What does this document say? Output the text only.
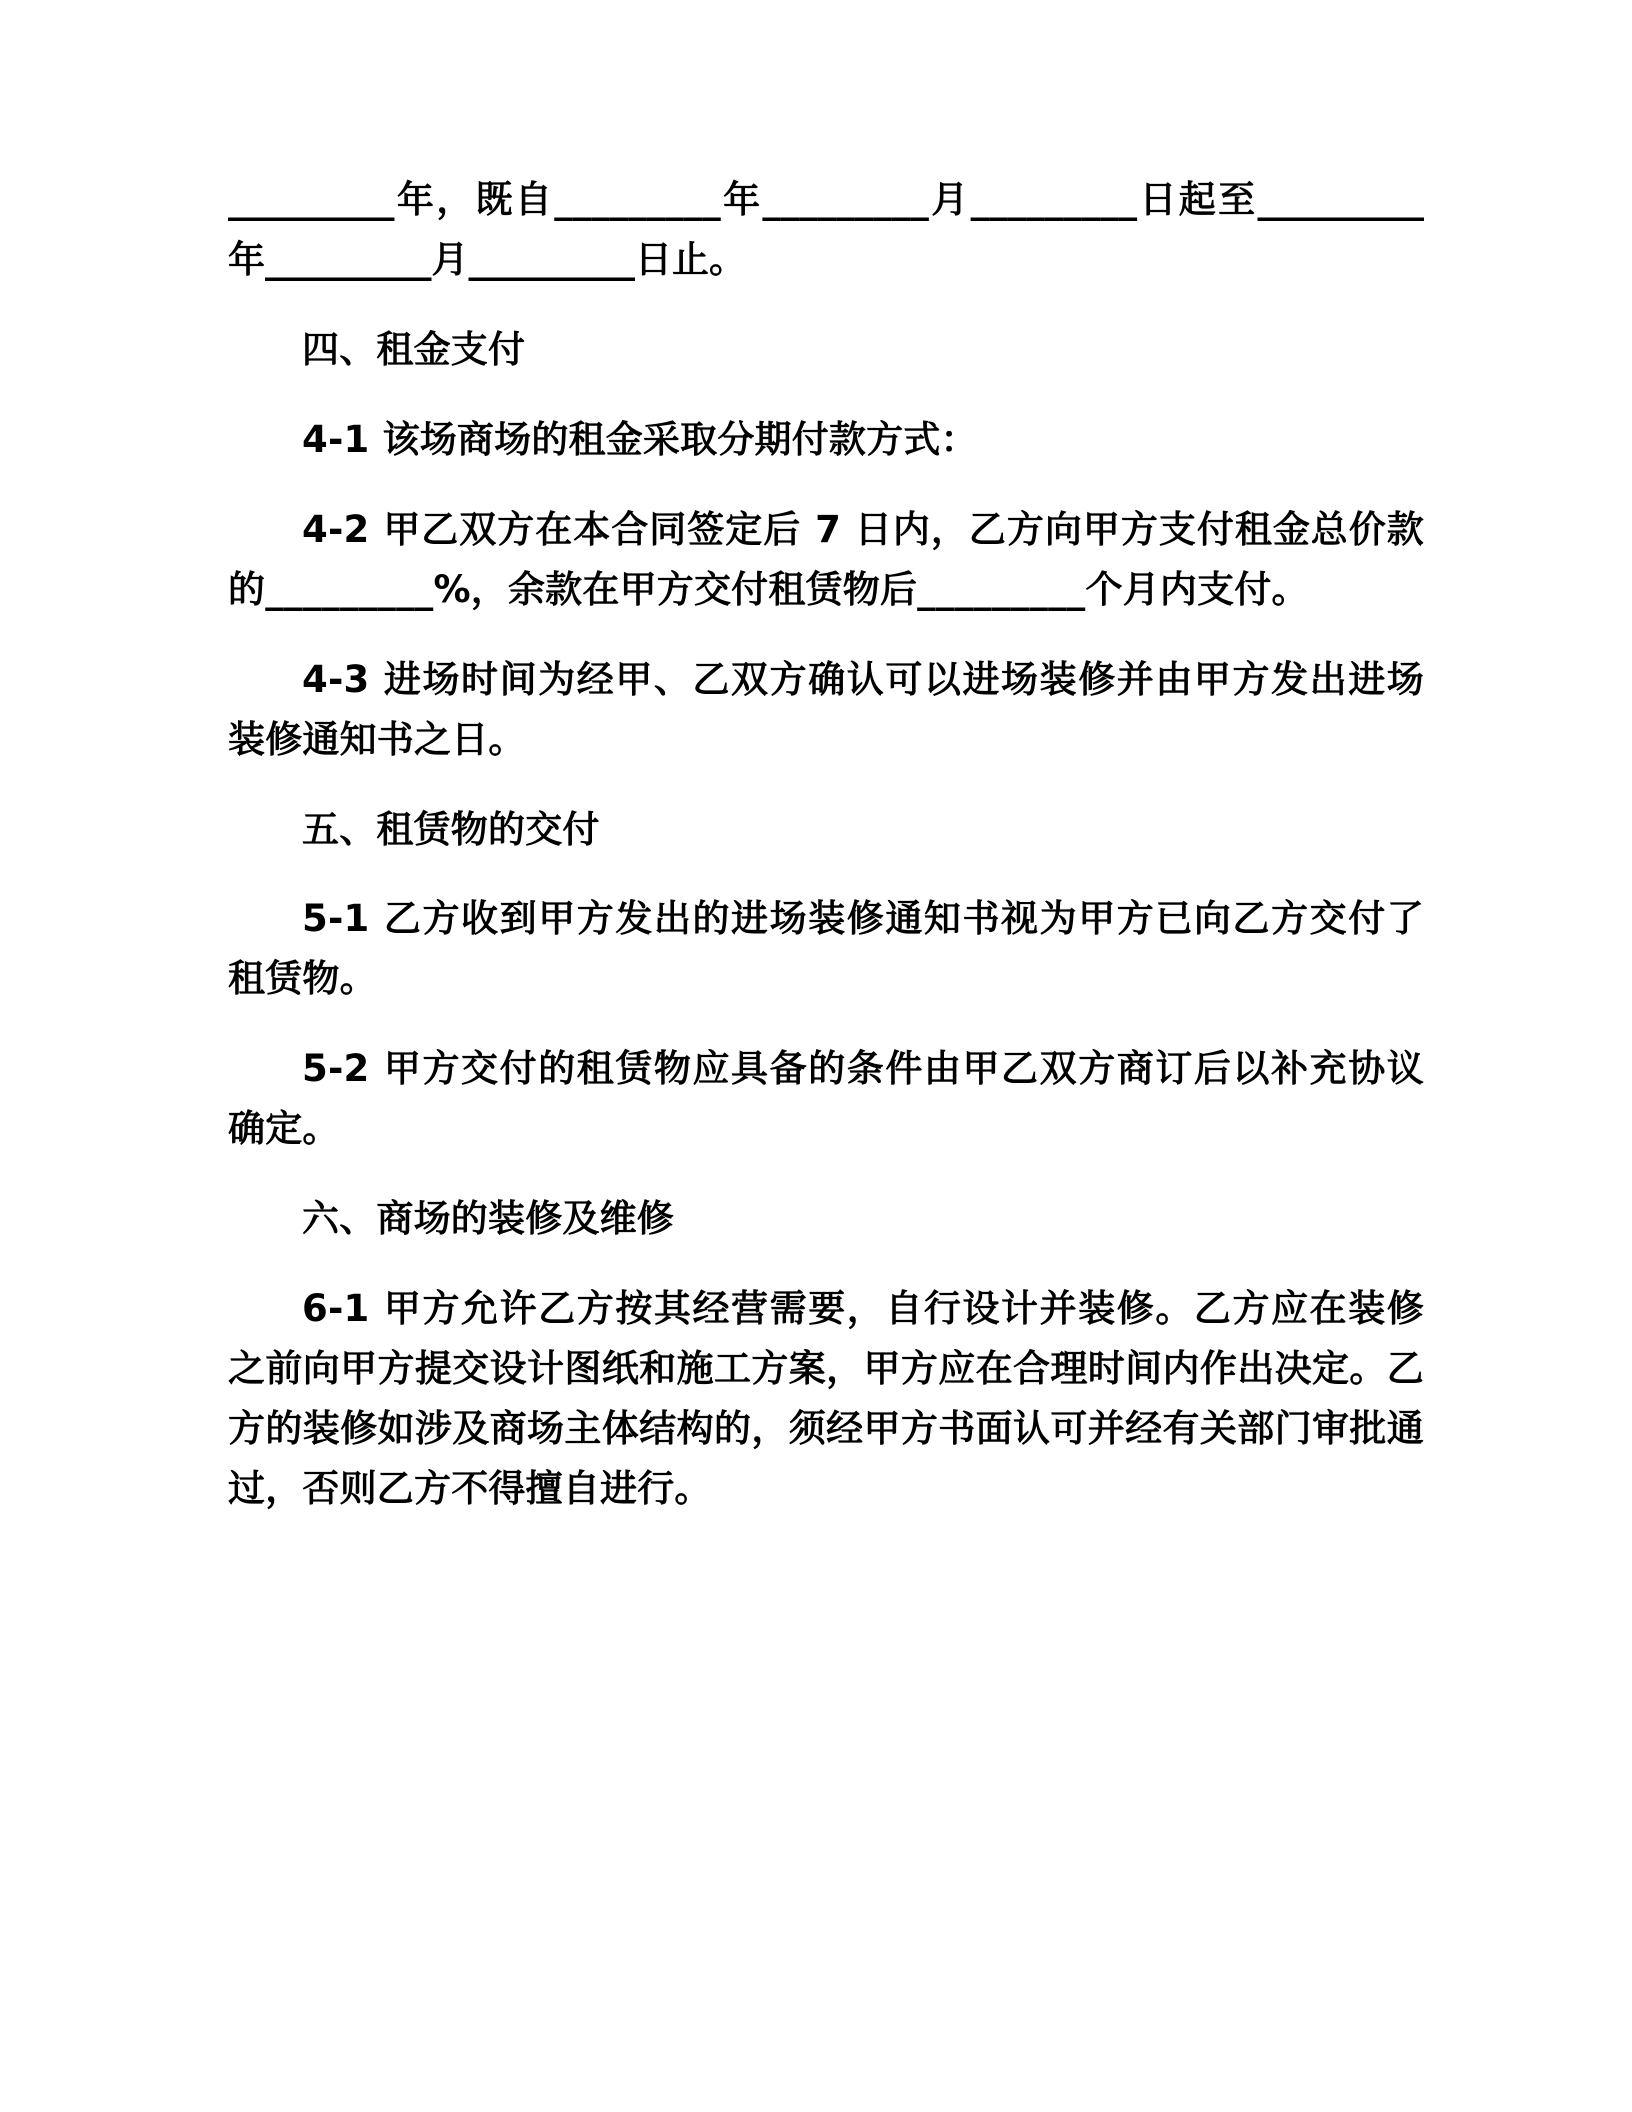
_________年，既自_________年_________月_________日起至_________ 年_________月_________日止。

四、租金支付

4-1 该场商场的租金采取分期付款方式：

4-2 甲乙双方在本合同签定后 7 日内，乙方向甲方支付租金总价款的_________%，余款在甲方交付租赁物后_________个月内支付。

4-3 进场时间为经甲、乙双方确认可以进场装修并由甲方发出进场装修通知书之日。

五、租赁物的交付

5-1 乙方收到甲方发出的进场装修通知书视为甲方已向乙方交付了租赁物。

5-2 甲方交付的租赁物应具备的条件由甲乙双方商订后以补充协议确定。

六、商场的装修及维修

6-1 甲方允许乙方按其经营需要，自行设计并装修。乙方应在装修之前向甲方提交设计图纸和施工方案，甲方应在合理时间内作出决定。乙方的装修如涉及商场主体结构的，须经甲方书面认可并经有关部门审批通过，否则乙方不得擅自进行。
